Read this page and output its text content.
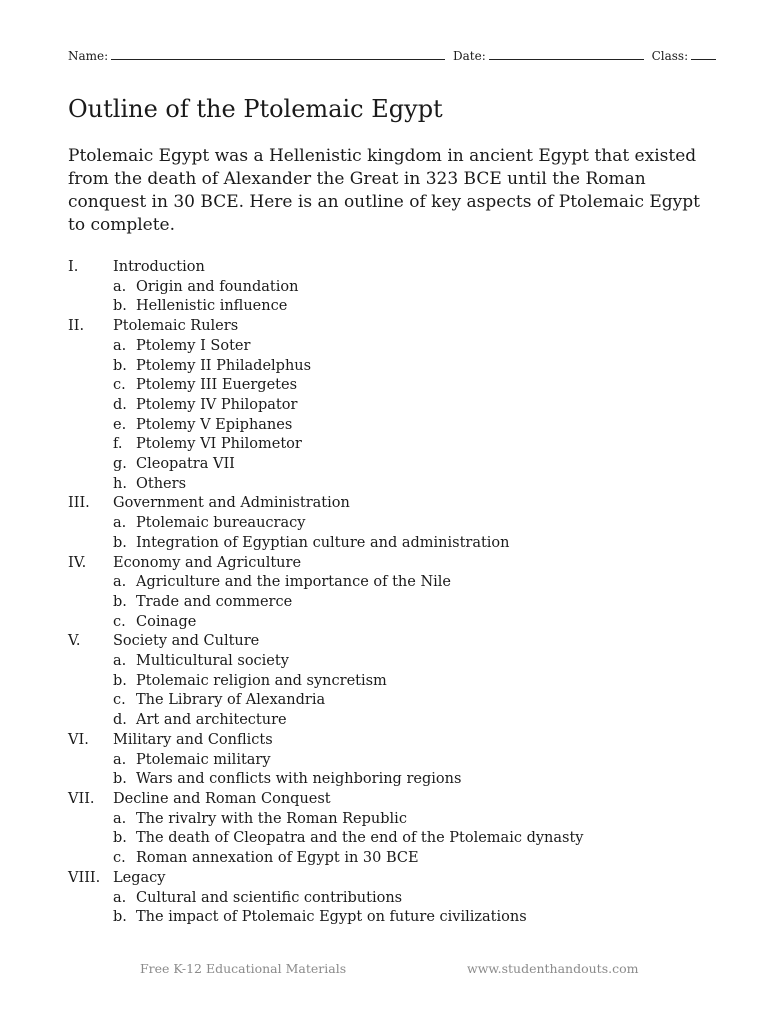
Name:	Date:	Class:
Outline of the Ptolemaic Egypt

Ptolemaic Egypt was a Hellenistic kingdom in ancient Egypt that existed from the death of Alexander the Great in 323 BCE until the Roman conquest in 30 BCE. Here is an outline of key aspects of Ptolemaic Egypt to complete.

I.	Introduction
a. Origin and foundation
b. Hellenistic influence
II.	Ptolemaic Rulers
a. Ptolemy I Soter
b. Ptolemy II Philadelphus
c. Ptolemy III Euergetes
d. Ptolemy IV Philopator
e. Ptolemy V Epiphanes
f. Ptolemy VI Philometor
g. Cleopatra VII
h. Others
III.	Government and Administration
a. Ptolemaic bureaucracy
b. Integration of Egyptian culture and administration
IV.	Economy and Agriculture
a. Agriculture and the importance of the Nile
b. Trade and commerce
c. Coinage
V.	Society and Culture
a. Multicultural society
b. Ptolemaic religion and syncretism
c. The Library of Alexandria
d. Art and architecture
VI.	Military and Conflicts
a. Ptolemaic military
b. Wars and conflicts with neighboring regions
VII.	Decline and Roman Conquest
a. The rivalry with the Roman Republic
b. The death of Cleopatra and the end of the Ptolemaic dynasty
c. Roman annexation of Egypt in 30 BCE
VIII. Legacy
a. Cultural and scientific contributions
b. The impact of Ptolemaic Egypt on future civilizations
Free K-12 Educational Materials	www.studenthandouts.com
